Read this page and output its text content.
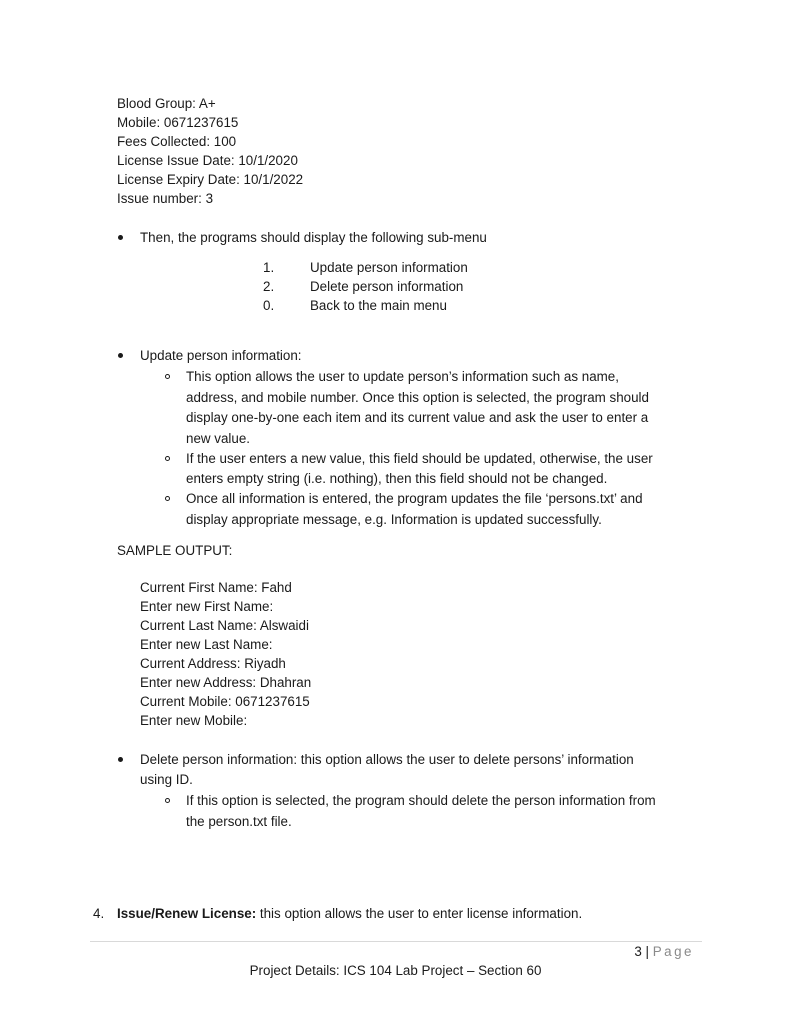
Blood Group: A+
Mobile: 0671237615
Fees Collected: 100
License Issue Date: 10/1/2020
License Expiry Date: 10/1/2022
Issue number: 3
Then, the programs should display the following sub-menu
1.	Update person information
2.	Delete person information
0.	Back to the main menu
Update person information:
This option allows the user to update person’s information such as name,
address, and mobile number. Once this option is selected, the program should
display one-by-one each item and its current value and ask the user to enter a
new value.
If the user enters a new value, this field should be updated, otherwise, the user
enters empty string (i.e. nothing), then this field should not be changed.
Once all information is entered, the program updates the file ‘persons.txt’ and
display appropriate message, e.g. Information is updated successfully.
SAMPLE OUTPUT:
Current First Name: Fahd
Enter new First Name:
Current Last Name: Alswaidi
Enter new Last Name:
Current Address: Riyadh
Enter new Address: Dhahran
Current Mobile: 0671237615
Enter new Mobile:
Delete person information: this option allows the user to delete persons’ information
using ID.
If this option is selected, the program should delete the person information from
the person.txt file.
4. Issue/Renew License: this option allows the user to enter license information.
3 | Page
Project Details: ICS 104 Lab Project – Section 60
